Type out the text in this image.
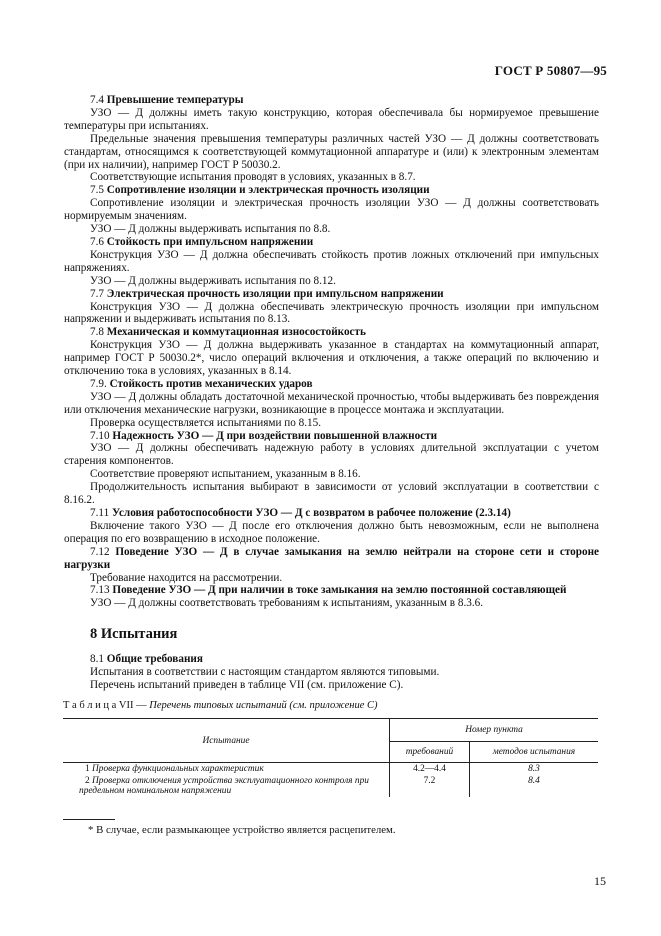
ГОСТ Р 50807—95
7.4 Превышение температуры
УЗО — Д должны иметь такую конструкцию, которая обеспечивала бы нормируемое превышение температуры при испытаниях.
Предельные значения превышения температуры различных частей УЗО — Д должны соответствовать стандартам, относящимся к соответствующей коммутационной аппаратуре и (или) к электронным элементам (при их наличии), например ГОСТ Р 50030.2.
Соответствующие испытания проводят в условиях, указанных в 8.7.
7.5 Сопротивление изоляции и электрическая прочность изоляции
Сопротивление изоляции и электрическая прочность изоляции УЗО — Д должны соответствовать нормируемым значениям.
УЗО — Д должны выдерживать испытания по 8.8.
7.6 Стойкость при импульсном напряжении
Конструкция УЗО — Д должна обеспечивать стойкость против ложных отключений при импульсных напряжениях.
УЗО — Д должны выдерживать испытания по 8.12.
7.7 Электрическая прочность изоляции при импульсном напряжении
Конструкция УЗО — Д должна обеспечивать электрическую прочность изоляции при импульсном напряжении и выдерживать испытания по 8.13.
7.8 Механическая и коммутационная износостойкость
Конструкция УЗО — Д должна выдерживать указанное в стандартах на коммутационный аппарат, например ГОСТ Р 50030.2*, число операций включения и отключения, а также операций по включению и отключению тока в условиях, указанных в 8.14.
7.9. Стойкость против механических ударов
УЗО — Д должны обладать достаточной механической прочностью, чтобы выдерживать без повреждения или отключения механические нагрузки, возникающие в процессе монтажа и эксплуатации.
Проверка осуществляется испытаниями по 8.15.
7.10 Надежность УЗО — Д при воздействии повышенной влажности
УЗО — Д должны обеспечивать надежную работу в условиях длительной эксплуатации с учетом старения компонентов.
Соответствие проверяют испытанием, указанным в 8.16.
Продолжительность испытания выбирают в зависимости от условий эксплуатации в соответствии с 8.16.2.
7.11 Условия работоспособности УЗО — Д с возвратом в рабочее положение (2.3.14)
Включение такого УЗО — Д после его отключения должно быть невозможным, если не выполнена операция по его возвращению в исходное положение.
7.12 Поведение УЗО — Д в случае замыкания на землю нейтрали на стороне сети и стороне нагрузки
Требование находится на рассмотрении.
7.13 Поведение УЗО — Д при наличии в токе замыкания на землю постоянной составляющей
УЗО — Д должны соответствовать требованиям к испытаниям, указанным в 8.3.6.
8 Испытания
8.1 Общие требования
Испытания в соответствии с настоящим стандартом являются типовыми.
Перечень испытаний приведен в таблице VII (см. приложение С).
Т а б л и ц а VII — Перечень типовых испытаний (см. приложение С)
Испытание	Номер пункта	
	требований	методов испытания
1 Проверка функциональных характеристик	4.2—4.4	8.3
2 Проверка отключения устройства эксплуатационного контроля при предельном номинальном напряжении	7.2	8.4
* В случае, если размыкающее устройство является расцепителем.
15
